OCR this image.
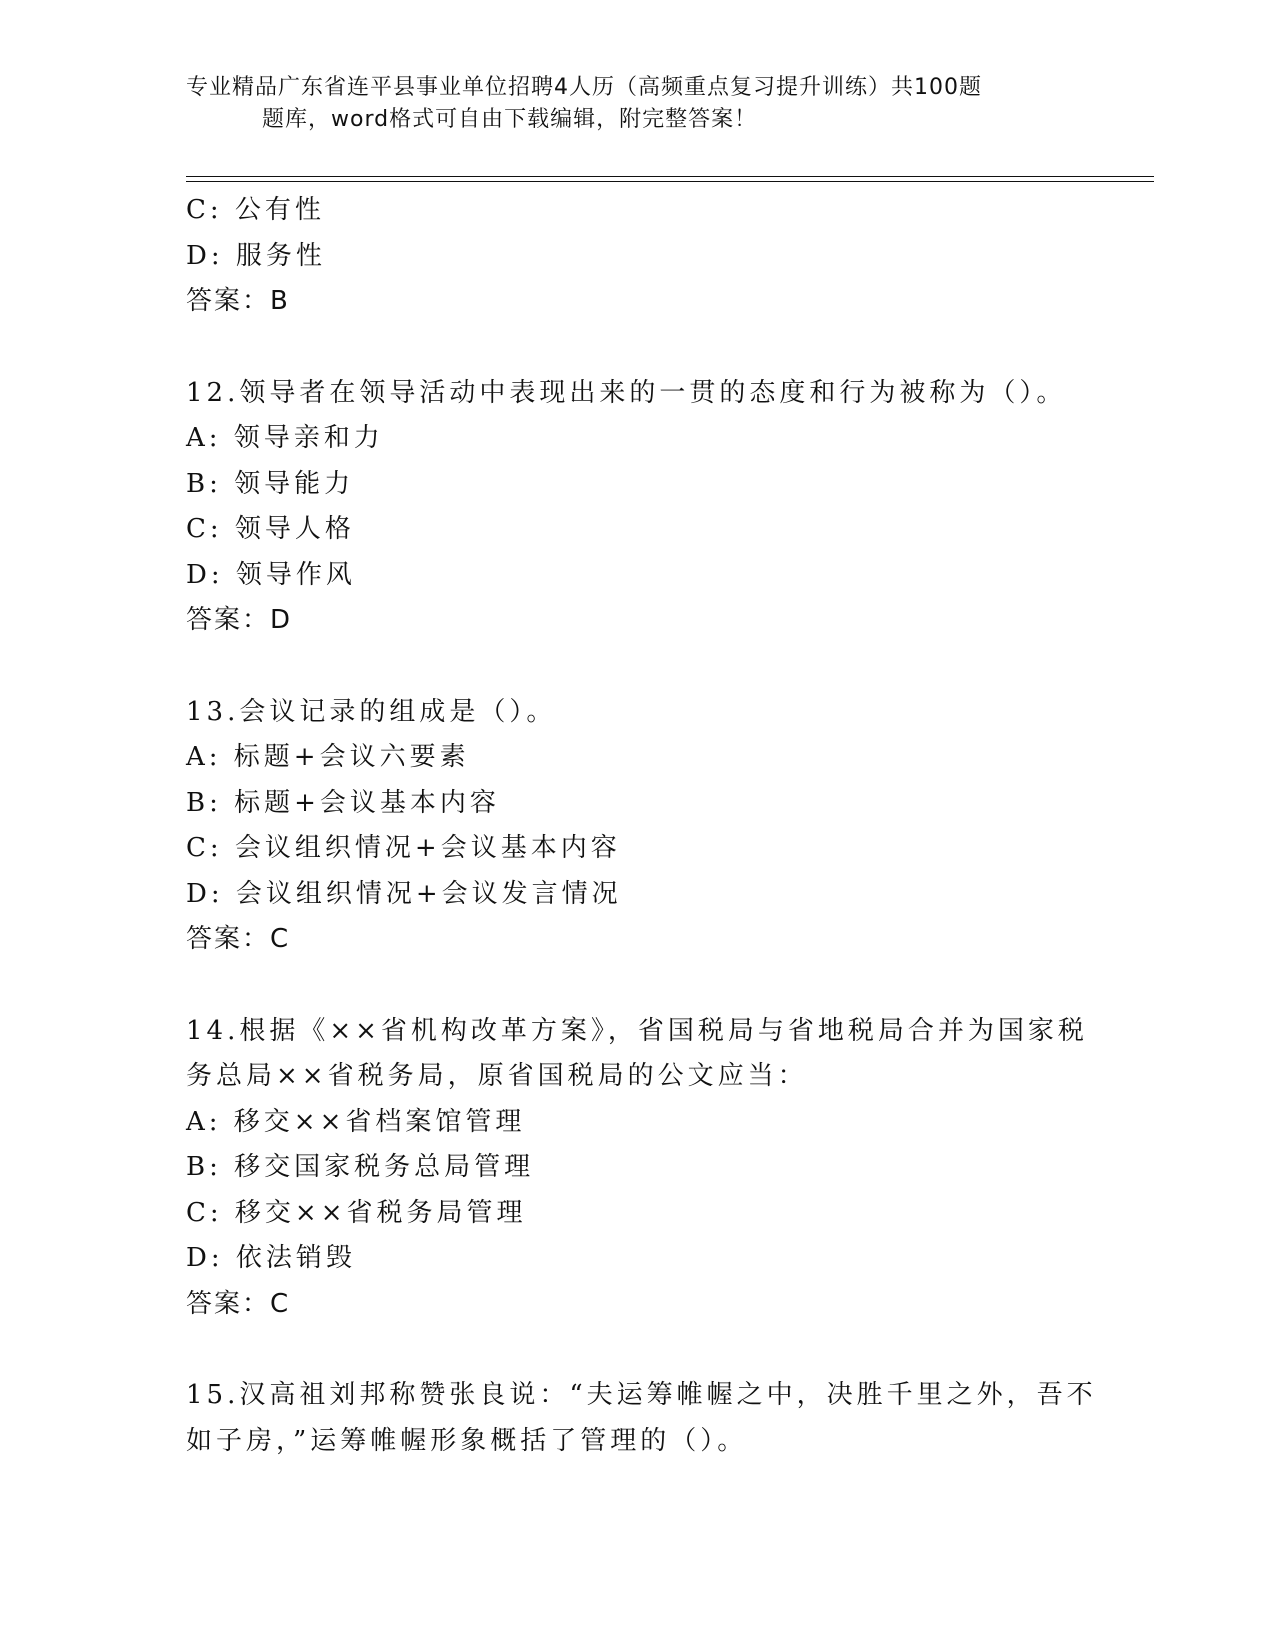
专业精品广东省连平县事业单位招聘4人历（高频重点复习提升训练）共100题
题库，word格式可自由下载编辑，附完整答案！
C: 公有性
D: 服务性
答案：B
12.领导者在领导活动中表现出来的一贯的态度和行为被称为（）。
A: 领导亲和力
B: 领导能力
C: 领导人格
D: 领导作风
答案：D
13.会议记录的组成是（）。
A: 标题+会议六要素
B: 标题+会议基本内容
C: 会议组织情况+会议基本内容
D: 会议组织情况+会议发言情况
答案：C
14.根据《××省机构改革方案》，省国税局与省地税局合并为国家税
务总局××省税务局，原省国税局的公文应当：
A: 移交××省档案馆管理
B: 移交国家税务总局管理
C: 移交××省税务局管理
D: 依法销毁
答案：C
15.汉高祖刘邦称赞张良说：“夫运筹帷幄之中，决胜千里之外，吾不
如子房，”运筹帷幄形象概括了管理的（）。
